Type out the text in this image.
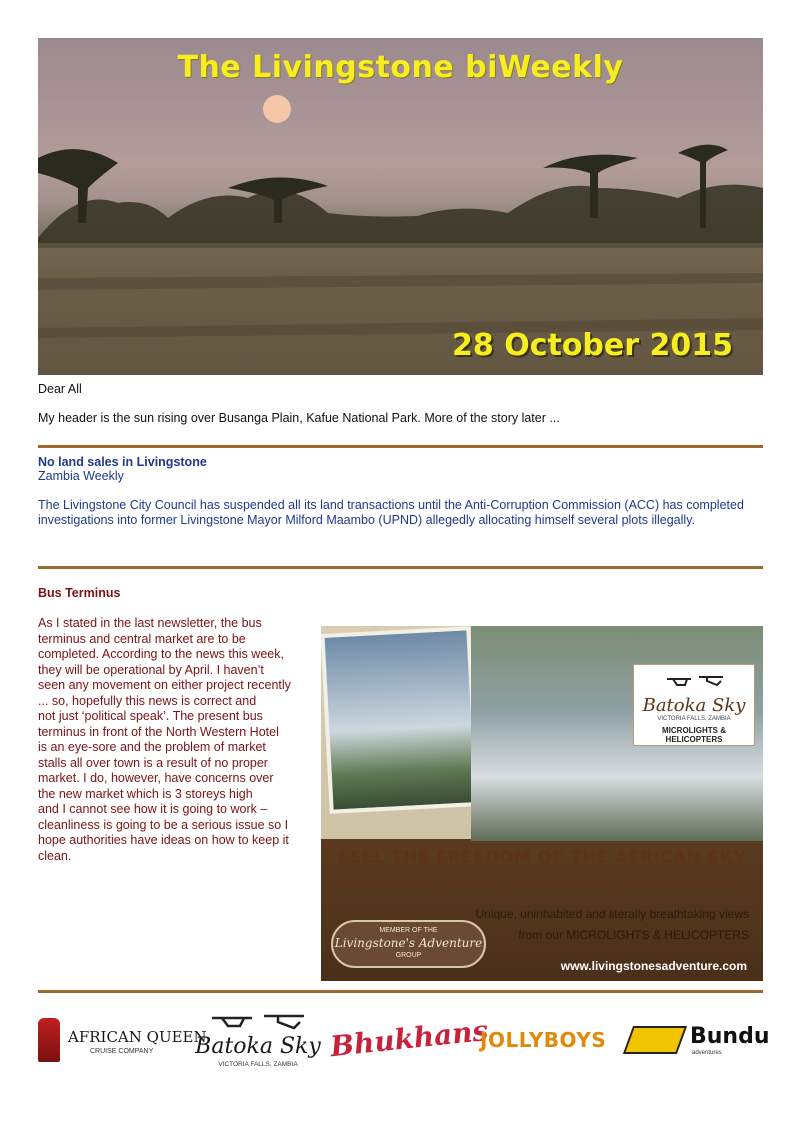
The Livingstone biWeekly
28 October 2015
Dear All
My header is the sun rising over Busanga Plain, Kafue National Park. More of the story later ...
No land sales in Livingstone
Zambia Weekly
The Livingstone City Council has suspended all its land transactions until the Anti-Corruption Commission (ACC) has completed investigations into former Livingstone Mayor Milford Maambo (UPND) allegedly allocating himself several plots illegally.
Bus Terminus
As I stated in the last newsletter, the bus
terminus and central market are to be
completed. According to the news this week,
they will be operational by April. I haven’t
seen any movement on either project recently
... so, hopefully this news is correct and
not just ‘political speak’. The present bus
terminus in front of the North Western Hotel
is an eye-sore and the problem of market
stalls all over town is a result of no proper
market. I do, however, have concerns over
the new market which is 3 storeys high
and I cannot see how it is going to work –
cleanliness is going to be a serious issue so I
hope authorities have ideas on how to keep it
clean.
Batoka Sky
VICTORIA FALLS, ZAMBIA
MICROLIGHTS & HELICOPTERS
FEEL THE FREEDOM OF THE AFRICAN SKY
and experience the power of the Falls up close and personal...
Unique, uninhabited and literally breathtaking views
from our MICROLIGHTS & HELICOPTERS
MEMBER OF THE
Livingstone's Adventure
GROUP
www.livingstonesadventure.com
AFRICAN QUEEN
CRUISE COMPANY Batoka Sky
VICTORIA FALLS, ZAMBIA
Bhukhans
JOLLYBOYS	Bundu
adventures
